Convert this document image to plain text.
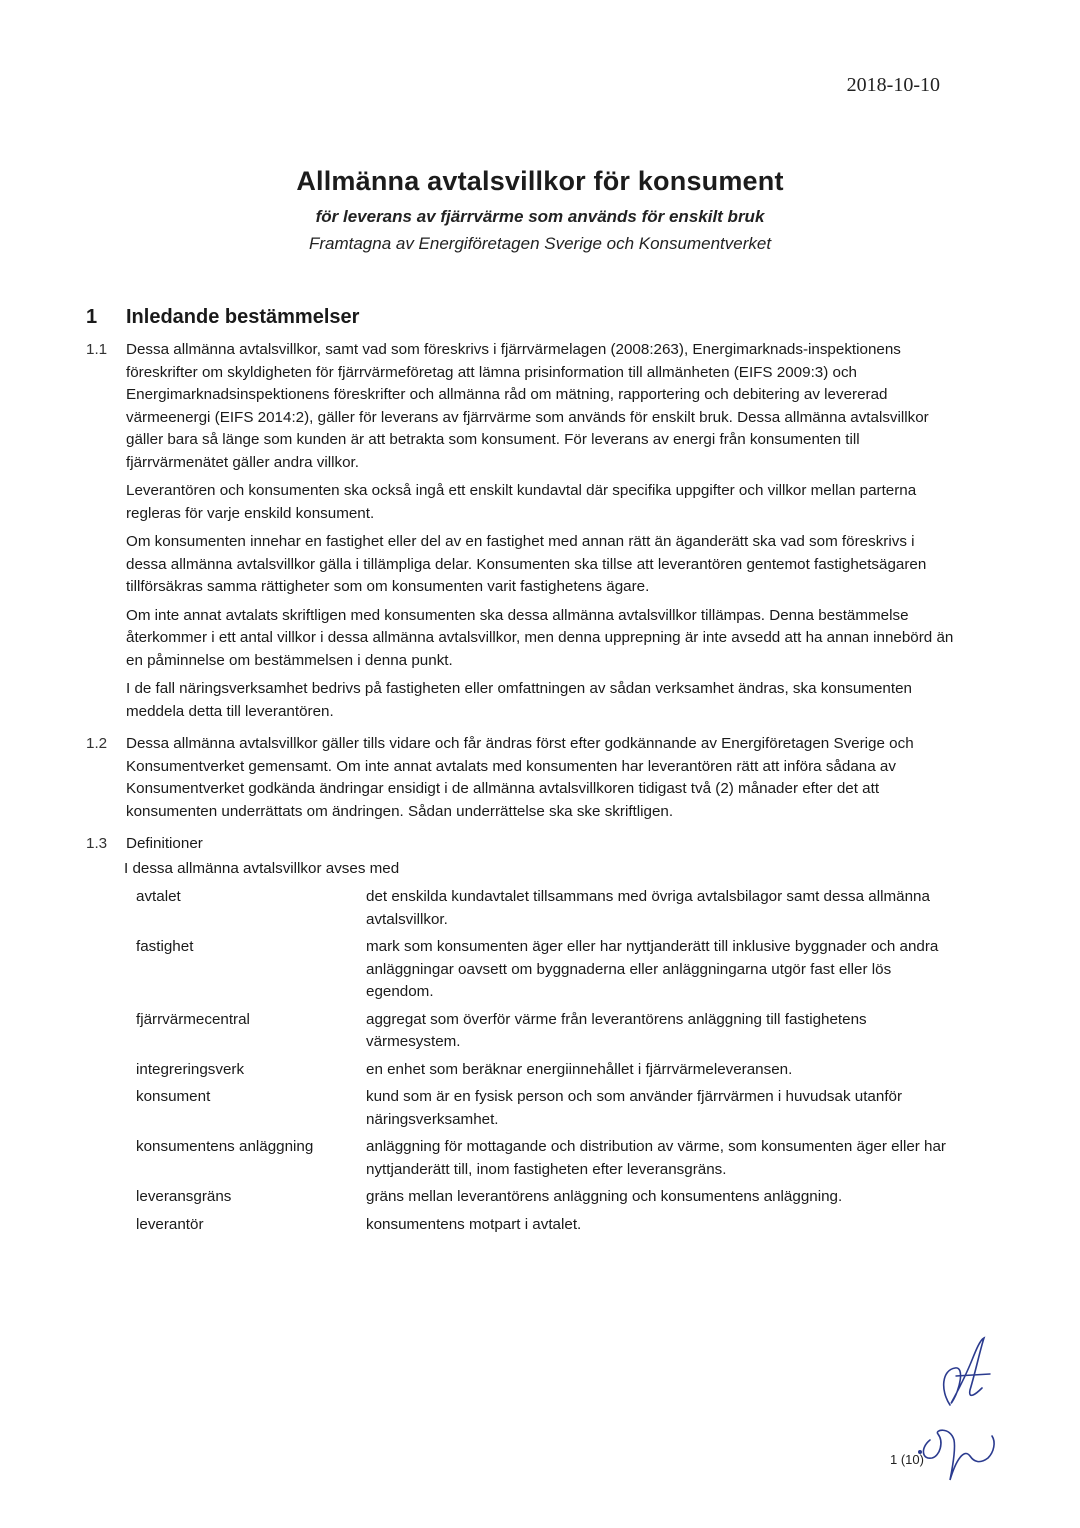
2018-10-10
Allmänna avtalsvillkor för konsument
för leverans av fjärrvärme som används för enskilt bruk
Framtagna av Energiföretagen Sverige och Konsumentverket
1	Inledande bestämmelser
1.1	Dessa allmänna avtalsvillkor, samt vad som föreskrivs i fjärrvärmelagen (2008:263), Energimarknads-inspektionens föreskrifter om skyldigheten för fjärrvärmeföretag att lämna prisinformation till allmänheten (EIFS 2009:3) och Energimarknadsinspektionens föreskrifter och allmänna råd om mätning, rapportering och debitering av levererad värmeenergi (EIFS 2014:2), gäller för leverans av fjärrvärme som används för enskilt bruk. Dessa allmänna avtalsvillkor gäller bara så länge som kunden är att betrakta som konsument. För leverans av energi från konsumenten till fjärrvärmenätet gäller andra villkor.

Leverantören och konsumenten ska också ingå ett enskilt kundavtal där specifika uppgifter och villkor mellan parterna regleras för varje enskild konsument.

Om konsumenten innehar en fastighet eller del av en fastighet med annan rätt än äganderätt ska vad som föreskrivs i dessa allmänna avtalsvillkor gälla i tillämpliga delar. Konsumenten ska tillse att leverantören gentemot fastighetsägaren tillförsäkras samma rättigheter som om konsumenten varit fastighetens ägare.

Om inte annat avtalats skriftligen med konsumenten ska dessa allmänna avtalsvillkor tillämpas. Denna bestämmelse återkommer i ett antal villkor i dessa allmänna avtalsvillkor, men denna upprepning är inte avsedd att ha annan innebörd än en påminnelse om bestämmelsen i denna punkt.

I de fall näringsverksamhet bedrivs på fastigheten eller omfattningen av sådan verksamhet ändras, ska konsumenten meddela detta till leverantören.

1.2	Dessa allmänna avtalsvillkor gäller tills vidare och får ändras först efter godkännande av Energiföretagen Sverige och Konsumentverket gemensamt. Om inte annat avtalats med konsumenten har leverantören rätt att införa sådana av Konsumentverket godkända ändringar ensidigt i de allmänna avtalsvillkoren tidigast två (2) månader efter det att konsumenten underrättats om ändringen. Sådan underrättelse ska ske skriftligen.

1.3	Definitioner

I dessa allmänna avtalsvillkor avses med

avtalet	det enskilda kundavtalet tillsammans med övriga avtalsbilagor samt dessa allmänna avtalsvillkor.
fastighet	mark som konsumenten äger eller har nyttjanderätt till inklusive byggnader och andra anläggningar oavsett om byggnaderna eller anläggningarna utgör fast eller lös egendom.
fjärrvärmecentral	aggregat som överför värme från leverantörens anläggning till fastighetens värmesystem.
integreringsverk	en enhet som beräknar energiinnehållet i fjärrvärmeleveransen.
konsument	kund som är en fysisk person och som använder fjärrvärmen i huvudsak utanför näringsverksamhet.
konsumentens anläggning	anläggning för mottagande och distribution av värme, som konsumenten äger eller har nyttjanderätt till, inom fastigheten efter leveransgräns.
leveransgräns	gräns mellan leverantörens anläggning och konsumentens anläggning.
leverantör	konsumentens motpart i avtalet.
1 (10)
